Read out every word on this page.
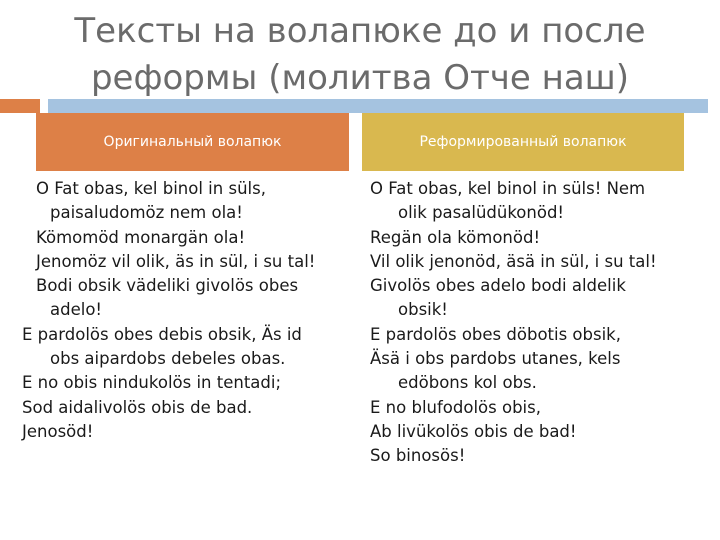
Тексты на волапюке до и после
реформы (молитва Отче наш)
Оригинальный волапюк	Реформированный волапюк
O Fat obas, kel binol in süls,
paisaludomöz nem ola!
Kömomöd monargän ola!
Jenomöz vil olik, äs in sül, i su tal!
Bodi obsik vädeliki givolös obes
adelo!
E pardolös obes debis obsik, Äs id
obs aipardobs debeles obas.
E no obis nindukolös in tentadi;
Sod aidalivolös obis de bad.
Jenosöd!
O Fat obas, kel binol in süls! Nem
olik pasalüdükonöd!
Regän ola kömonöd!
Vil olik jenonöd, äsä in sül, i su tal!
Givolös obes adelo bodi aldelik
obsik!
E pardolös obes döbotis obsik,
Äsä i obs pardobs utanes, kels
edöbons kol obs.
E no blufodolös obis,
Ab livükolös obis de bad!
So binosös!
